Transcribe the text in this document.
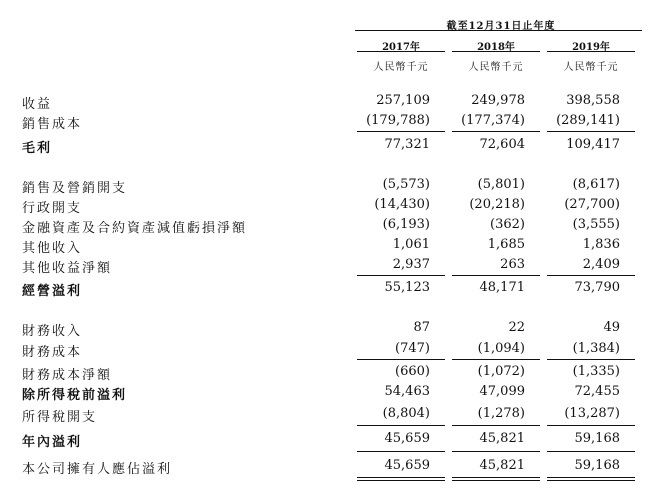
截至12月31日止年度
2017年	2018年	2019年
人民幣千元	人民幣千元	人民幣千元
收益	257,109	249,978	398,558
銷售成本	(179,788)	(177,374)	(289,141)
毛利	77,321	72,604	109,417
銷售及營銷開支	(5,573)	(5,801)	(8,617)
行政開支	(14,430)	(20,218)	(27,700)
金融資產及合約資產減值虧損淨額	(6,193)	(362)	(3,555)
其他收入	1,061	1,685	1,836
其他收益淨額	2,937	263	2,409
經營溢利	55,123	48,171	73,790
財務收入	87	22	49
財務成本	(747)	(1,094)	(1,384)
財務成本淨額	(660)	(1,072)	(1,335)
除所得稅前溢利	54,463	47,099	72,455
所得稅開支	(8,804)	(1,278)	(13,287)
年內溢利	45,659	45,821	59,168
本公司擁有人應佔溢利	45,659	45,821	59,168
